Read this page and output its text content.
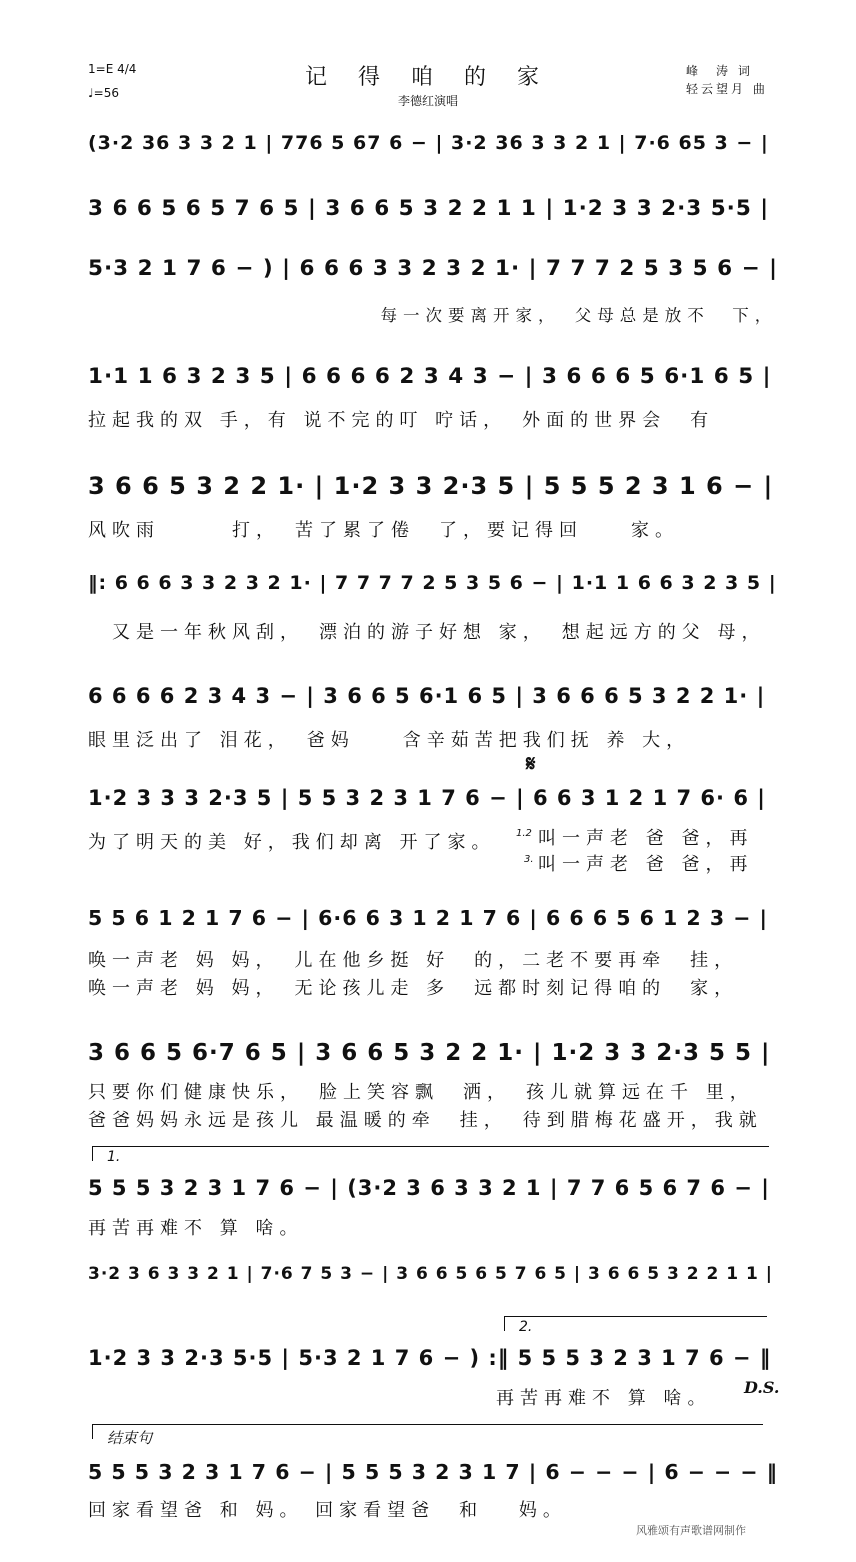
1=E 4/4
♩=56
记 得 咱 的 家
李德红演唱
峰　涛 词
轻云望月 曲
(3·2 36 3 3 2 1 | 776 5 67 6 − | 3·2 36 3 3 2 1 | 7·6 65 3 − |
3 6 6 5 6 5 7 6 5 | 3 6 6 5 3 2 2 1 1 | 1·2 3 3 2·3 5·5 |
5·3 2 1 7 6 − ) | 6 6 6 3 3 2 3 2 1· | 7 7 7 2 5 3 5 6 − |
　　　　　　　　　　　　　每一次要离开家，　父母总是放不　下，
1·1 1 6 3 2 3 5 | 6 6 6 6 2 3 4 3 − | 3 6 6 6 5 6·1 6 5 |
拉起我的双 手，有 说不完的叮 咛话，　外面的世界会　有
3 6 6 5 3 2 2 1· | 1·2 3 3 2·3 5 | 5 5 5 2 3 1 6 − |
风吹雨　　　打，　苦了累了倦　了，要记得回　　家。
‖: 6 6 6 3 3 2 3 2 1· | 7 7 7 7 2 5 3 5 6 − | 1·1 1 6 6 3 2 3 5 |
　又是一年秋风刮，　漂泊的游子好想 家，　想起远方的父 母，
6 6 6 6 2 3 4 3 − | 3 6 6 5 6·1 6 5 | 3 6 6 6 5 3 2 2 1· |
眼里泛出了 泪花，　爸妈　　含辛茹苦把我们抚 养 大，
𝄋
1·2 3 3 3 2·3 5 | 5 5 3 2 3 1 7 6 − | 6 6 3 1 2 1 7 6· 6 |
为了明天的美 好，我们却离 开了家。 1.2 叫一声老 爸 爸，再
3. 叫一声老 爸 爸，再
5 5 6 1 2 1 7 6 − | 6·6 6 3 1 2 1 7 6 | 6 6 6 5 6 1 2 3 − |
唤一声老 妈 妈，　儿在他乡挺 好　的，二老不要再牵　挂，
唤一声老 妈 妈，　无论孩儿走 多　远都时刻记得咱的　家，
3 6 6 5 6·7 6 5 | 3 6 6 5 3 2 2 1· | 1·2 3 3 2·3 5 5 |
只要你们健康快乐，　脸上笑容飘　洒，　孩儿就算远在千 里，
爸爸妈妈永远是孩儿 最温暖的牵　挂，　待到腊梅花盛开，我就
1.
5 5 5 3 2 3 1 7 6 − | (3·2 3 6 3 3 2 1 | 7 7 6 5 6 7 6 − |
再苦再难不 算 啥。
3·2 3 6 3 3 2 1 | 7·6 7 5 3 − | 3 6 6 5 6 5 7 6 5 | 3 6 6 5 3 2 2 1 1 |
2.
1·2 3 3 2·3 5·5 | 5·3 2 1 7 6 − ) :‖ 5 5 5 3 2 3 1 7 6 − ‖
　　　　　　　　　　　　　　　　　再苦再难不 算 啥。
D.S.
结束句
5 5 5 3 2 3 1 7 6 − | 5 5 5 3 2 3 1 7 | 6 − − − | 6 − − − ‖
回家看望爸 和 妈。 回家看望爸　和　 妈。
风雅颂有声歌谱网制作
